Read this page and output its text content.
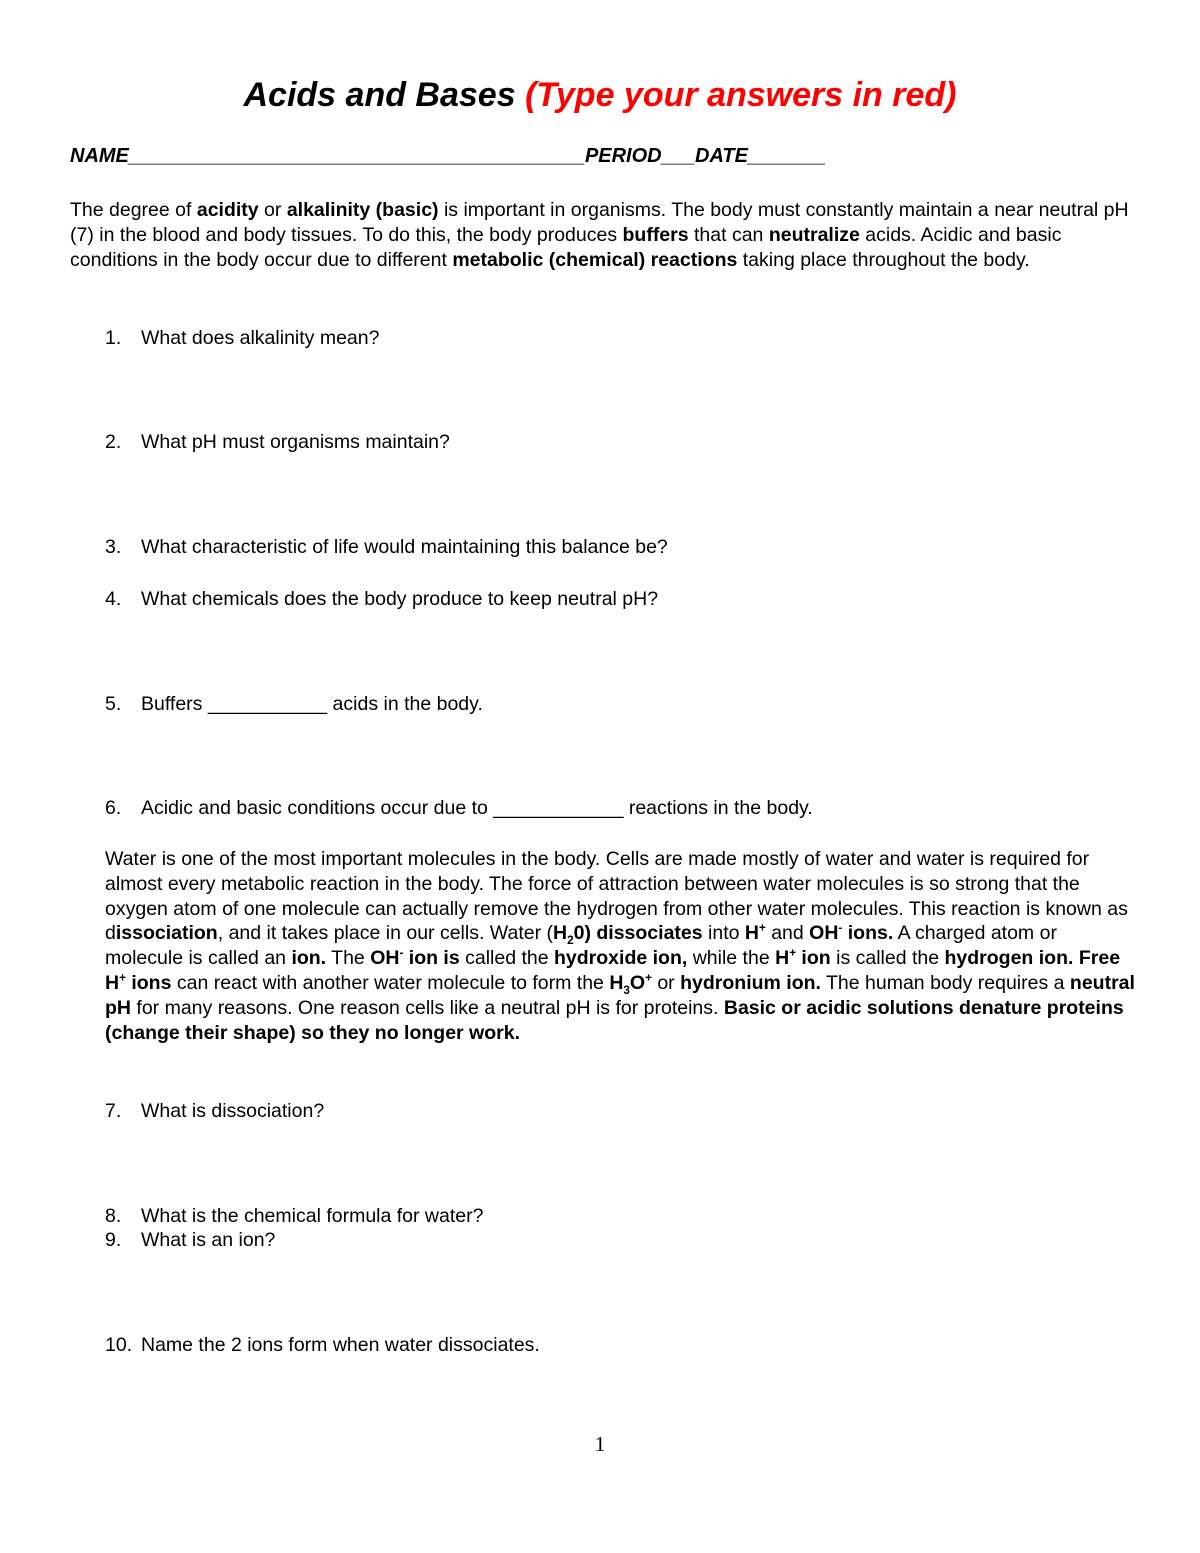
Acids and Bases (Type your answers in red)
NAME_________________________________________PERIOD___DATE_______
The degree of acidity or alkalinity (basic) is important in organisms. The body must constantly maintain a near neutral pH (7) in the blood and body tissues. To do this, the body produces buffers that can neutralize acids. Acidic and basic conditions in the body occur due to different metabolic (chemical) reactions taking place throughout the body.
1. What does alkalinity mean?
2. What pH must organisms maintain?
3. What characteristic of life would maintaining this balance be?
4. What chemicals does the body produce to keep neutral pH?
5. Buffers ___________ acids in the body.
6. Acidic and basic conditions occur due to ____________ reactions in the body.
Water is one of the most important molecules in the body. Cells are made mostly of water and water is required for almost every metabolic reaction in the body. The force of attraction between water molecules is so strong that the oxygen atom of one molecule can actually remove the hydrogen from other water molecules. This reaction is known as dissociation, and it takes place in our cells. Water $(H_20)$ dissociates into H+ and OH- ions. A charged atom or molecule is called an ion. The OH- ion is called the hydroxide ion, while the H+ ion is called the hydrogen ion. Free H+ ions can react with another water molecule to form the $H_3O^+$ or hydronium ion. The human body requires a neutral pH for many reasons. One reason cells like a neutral pH is for proteins. Basic or acidic solutions denature proteins (change their shape) so they no longer work.
7. What is dissociation?
8. What is the chemical formula for water?
9. What is an ion?
10. Name the 2 ions form when water dissociates.
1
